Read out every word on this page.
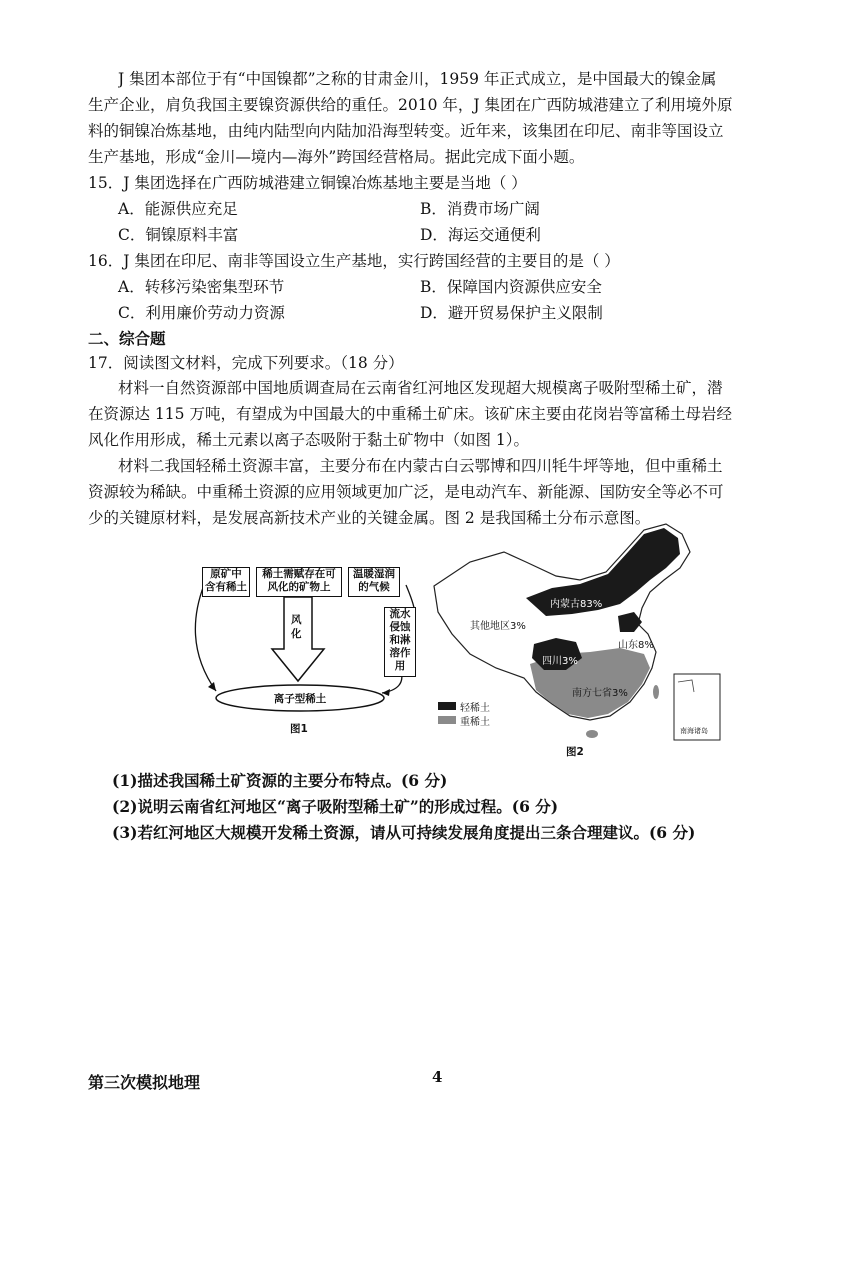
J 集团本部位于有“中国镍都”之称的甘肃金川，1959 年正式成立，是中国最大的镍金属
生产企业，肩负我国主要镍资源供给的重任。2010 年，J 集团在广西防城港建立了利用境外原
料的铜镍冶炼基地，由纯内陆型向内陆加沿海型转变。近年来，该集团在印尼、南非等国设立
生产基地，形成“金川—境内—海外”跨国经营格局。据此完成下面小题。
15．J 集团选择在广西防城港建立铜镍冶炼基地主要是当地（ ）
A．能源供应充足	B．消费市场广阔
C．铜镍原料丰富	D．海运交通便利
16．J 集团在印尼、南非等国设立生产基地，实行跨国经营的主要目的是（ ）
A．转移污染密集型环节	B．保障国内资源供应安全
C．利用廉价劳动力资源	D．避开贸易保护主义限制
二、综合题
17．阅读图文材料，完成下列要求。（18 分）
材料一自然资源部中国地质调查局在云南省红河地区发现超大规模离子吸附型稀土矿，潜
在资源达 115 万吨，有望成为中国最大的中重稀土矿床。该矿床主要由花岗岩等富稀土母岩经
风化作用形成，稀土元素以离子态吸附于黏土矿物中（如图 1）。
材料二我国轻稀土资源丰富，主要分布在内蒙古白云鄂博和四川牦牛坪等地，但中重稀土
资源较为稀缺。中重稀土资源的应用领域更加广泛，是电动汽车、新能源、国防安全等必不可
少的关键原材料，是发展高新技术产业的关键金属。图 2 是我国稀土分布示意图。
原矿中
含有稀土
稀土需赋存在可
风化的矿物上
温暖湿润
的气候
风
化
流水
侵蚀
和淋
溶作
用
离子型稀土
图1
内蒙古83%
其他地区3%
山东8%
四川3%
南方七省3%
南海诸岛
轻稀土
重稀土
图2
(1)描述我国稀土矿资源的主要分布特点。(6 分)
(2)说明云南省红河地区“离子吸附型稀土矿”的形成过程。(6 分)
(3)若红河地区大规模开发稀土资源，请从可持续发展角度提出三条合理建议。(6 分)
第三次模拟地理	4
